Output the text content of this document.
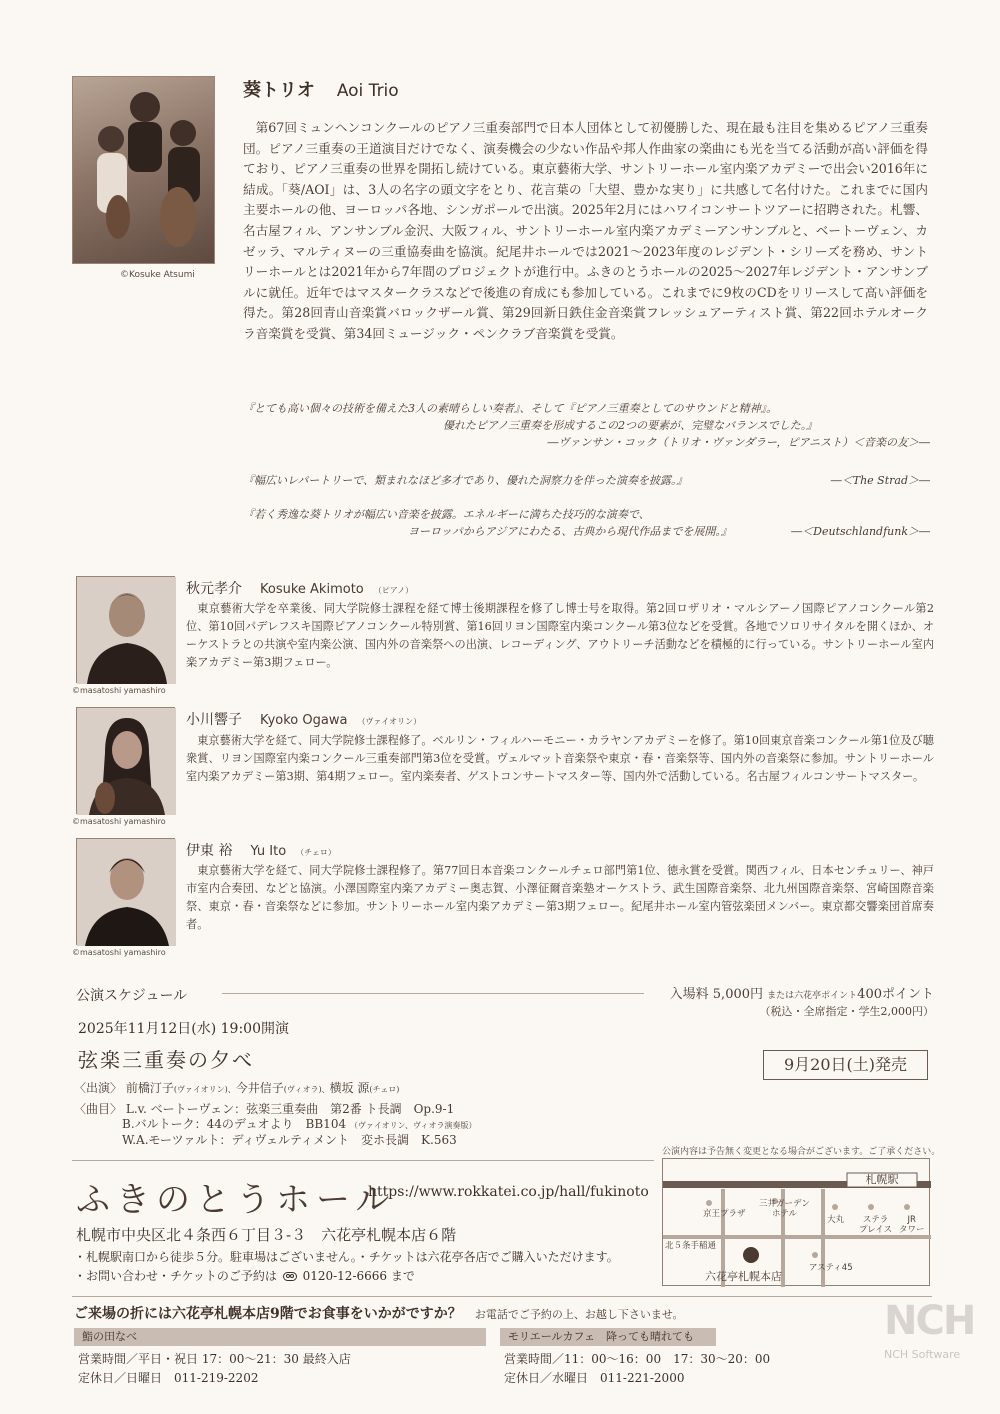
©Kosuke Atsumi
葵トリオ Aoi Trio

第67回ミュンヘンコンクールのピアノ三重奏部門で日本人団体として初優勝した、現在最も注目を集めるピアノ三重奏団。ピアノ三重奏の王道演目だけでなく、演奏機会の少ない作品や邦人作曲家の楽曲にも光を当てる活動が高い評価を得ており、ピアノ三重奏の世界を開拓し続けている。東京藝術大学、サントリーホール室内楽アカデミーで出会い2016年に結成。「葵/AOI」は、3人の名字の頭文字をとり、花言葉の「大望、豊かな実り」に共感して名付けた。これまでに国内主要ホールの他、ヨーロッパ各地、シンガポールで出演。2025年2月にはハワイコンサートツアーに招聘された。札響、名古屋フィル、アンサンブル金沢、大阪フィル、サントリーホール室内楽アカデミーアンサンブルと、ベートーヴェン、カゼッラ、マルティヌーの三重協奏曲を協演。紀尾井ホールでは2021～2023年度のレジデント・シリーズを務め、サントリーホールとは2021年から7年間のプロジェクトが進行中。ふきのとうホールの2025～2027年レジデント・アンサンブルに就任。近年ではマスタークラスなどで後進の育成にも参加している。これまでに9枚のCDをリリースして高い評価を得た。第28回青山音楽賞バロックザール賞、第29回新日鉄住金音楽賞フレッシュアーティスト賞、第22回ホテルオークラ音楽賞を受賞、第34回ミュージック・ペンクラブ音楽賞を受賞。

『とても高い個々の技術を備えた3人の素晴らしい奏者』、そして『ピアノ三重奏としてのサウンドと精神』。
優れたピアノ三重奏を形成するこの2つの要素が、完璧なバランスでした。』
―ヴァンサン・コック（トリオ・ヴァンダラー，ピアニスト）＜音楽の友＞―
『幅広いレパートリーで、類まれなほど多才であり、優れた洞察力を伴った演奏を披露。』	―＜The Strad＞―
『若く秀逸な葵トリオが幅広い音楽を披露。エネルギーに満ちた技巧的な演奏で、
ヨーロッパからアジアにわたる、古典から現代作品までを展開。』	―＜Deutschlandfunk＞―
©masatoshi yamashiro
秋元孝介 Kosuke Akimoto （ピアノ）

東京藝術大学を卒業後、同大学院修士課程を経て博士後期課程を修了し博士号を取得。第2回ロザリオ・マルシアーノ国際ピアノコンクール第2位、第10回パデレフスキ国際ピアノコンクール特別賞、第16回リヨン国際室内楽コンクール第3位などを受賞。各地でソロリサイタルを開くほか、オーケストラとの共演や室内楽公演、国内外の音楽祭への出演、レコーディング、アウトリーチ活動などを積極的に行っている。サントリーホール室内楽アカデミー第3期フェロー。

©masatoshi yamashiro
小川響子 Kyoko Ogawa （ヴァイオリン）

東京藝術大学を経て、同大学院修士課程修了。ベルリン・フィルハーモニー・カラヤンアカデミーを修了。第10回東京音楽コンクール第1位及び聴衆賞、リヨン国際室内楽コンクール三重奏部門第3位を受賞。ヴェルマット音楽祭や東京・春・音楽祭等、国内外の音楽祭に参加。サントリーホール室内楽アカデミー第3期、第4期フェロー。室内楽奏者、ゲストコンサートマスター等、国内外で活動している。名古屋フィルコンサートマスター。

©masatoshi yamashiro
伊東 裕 Yu Ito （チェロ）

東京藝術大学を経て、同大学院修士課程修了。第77回日本音楽コンクールチェロ部門第1位、徳永賞を受賞。関西フィル、日本センチュリー、神戸市室内合奏団、などと協演。小澤国際室内楽アカデミー奥志賀、小澤征爾音楽塾オーケストラ、武生国際音楽祭、北九州国際音楽祭、宮崎国際音楽祭、東京・春・音楽祭などに参加。サントリーホール室内楽アカデミー第3期フェロー。紀尾井ホール室内管弦楽団メンバー。東京都交響楽団首席奏者。

公演スケジュール	入場料 5,000円 または六花亭ポイント400ポイント
（税込・全席指定・学生2,000円）
2025年11月12日(水) 19:00開演
弦楽三重奏の夕べ	9月20日(土)発売
〈出演〉 前橋汀子(ヴァイオリン)、今井信子(ヴィオラ)、横坂 源(チェロ)
〈曲目〉 L.v. ベートーヴェン：弦楽三重奏曲　第2番 ト長調　Op.9-1
B.バルトーク：44のデュオより　BB104 （ヴァイオリン、ヴィオラ演奏版）
W.A.モーツァルト：ディヴェルティメント　変ホ長調　K.563
公演内容は予告無く変更となる場合がございます。ご了承ください。
ふきのとうホール
https://www.rokkatei.co.jp/hall/fukinoto
札幌市中央区北４条西６丁目３-３　六花亭札幌本店６階
・札幌駅南口から徒歩５分。駐車場はございません。・チケットは六花亭各店でご購入いただけます。
・お問い合わせ・チケットのご予約は 0120-12-6666 まで
札幌駅
京王プラザ
三井ガーデン
ホテル
大丸	ステラ
プレイス
JR
タワー
北５条手稲通
アスティ45
六花亭札幌本店
ご来場の折には六花亭札幌本店9階でお食事をいかがですか？ お電話でご予約の上、お越し下さいませ。
鮨の田なべ
営業時間／平日・祝日 17：00～21：30 最終入店
定休日／日曜日　011-219-2202
モリエールカフェ　降っても晴れても
営業時間／11：00～16：00　17：30～20：00
定休日／水曜日　011-221-2000
NCH
NCH Software
